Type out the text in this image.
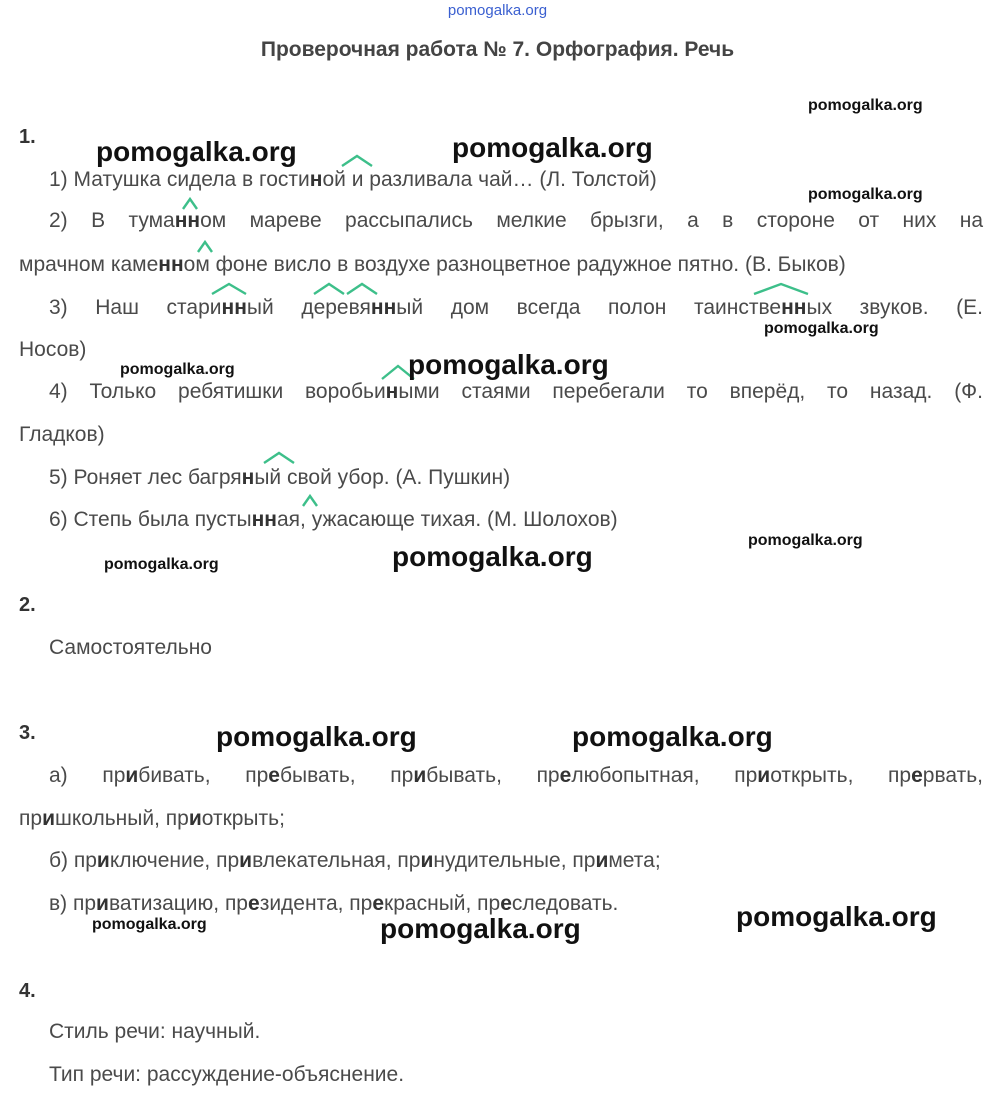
pomogalka.org
Проверочная работа № 7. Орфография. Речь
1.
1) Матушка сидела в гостиной и разливала чай… (Л. Толстой)
2) В туманном мареве рассыпались мелкие брызги, а в стороне от них на
мрачном каменном фоне висло в воздухе разноцветное радужное пятно. (В. Быков)
3) Наш старинный деревянный дом всегда полон таинственных звуков. (Е.
Носов)
4) Только ребятишки воробьиными стаями перебегали то вперёд, то назад. (Ф.
Гладков)
5) Роняет лес багряный свой убор. (А. Пушкин)
6) Степь была пустынная, ужасающе тихая. (М. Шолохов)
2.
Самостоятельно
3.
а) прибивать, пребывать, прибывать, прелюбопытная, приоткрыть, прервать,
пришкольный, приоткрыть;
б) приключение, привлекательная, принудительные, примета;
в) приватизацию, президента, прекрасный, преследовать.
4.
Стиль речи: научный.
Тип речи: рассуждение-объяснение.
pomogalka.org	pomogalka.org
pomogalka.org
pomogalka.org
pomogalka.org
pomogalka.org	pomogalka.org
pomogalka.org
pomogalka.org
pomogalka.org
pomogalka.org	pomogalka.org
pomogalka.org
pomogalka.org	pomogalka.org
